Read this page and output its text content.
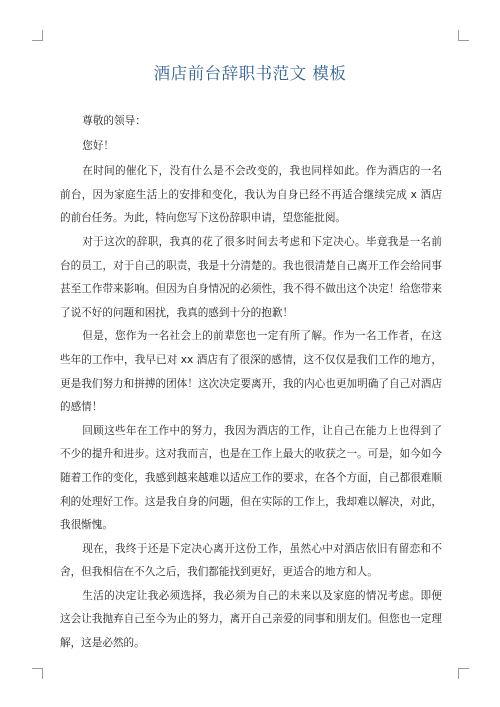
酒店前台辞职书范文 模板

尊敬的领导：

您好！

在时间的催化下，没有什么是不会改变的，我也同样如此。作为酒店的一名前台，因为家庭生活上的安排和变化，我认为自身已经不再适合继续完成 x 酒店的前台任务。为此，特向您写下这份辞职申请，望您能批阅。

对于这次的辞职，我真的花了很多时间去考虑和下定决心。毕竟我是一名前台的员工，对于自己的职责，我是十分清楚的。我也很清楚自己离开工作会给同事甚至工作带来影响。但因为自身情况的必须性，我不得不做出这个决定！给您带来了说不好的问题和困扰，我真的感到十分的抱歉！

但是，您作为一名社会上的前辈您也一定有所了解。作为一名工作者，在这些年的工作中，我早已对 xx 酒店有了很深的感情，这不仅仅是我们工作的地方，更是我们努力和拼搏的团体！这次决定要离开，我的内心也更加明确了自己对酒店的感情！

回顾这些年在工作中的努力，我因为酒店的工作，让自己在能力上也得到了不少的提升和进步。这对我而言，也是在工作上最大的收获之一。可是，如今如今随着工作的变化，我感到越来越难以适应工作的要求，在各个方面，自己都很难顺利的处理好工作。这是我自身的问题，但在实际的工作上，我却难以解决，对此，我很惭愧。

现在，我终于还是下定决心离开这份工作，虽然心中对酒店依旧有留恋和不舍，但我相信在不久之后，我们都能找到更好，更适合的地方和人。

生活的决定让我必须选择，我必须为自己的未来以及家庭的情况考虑。即便这会让我抛弃自己至今为止的努力，离开自己亲爱的同事和朋友们。但您也一定理解，这是必然的。
